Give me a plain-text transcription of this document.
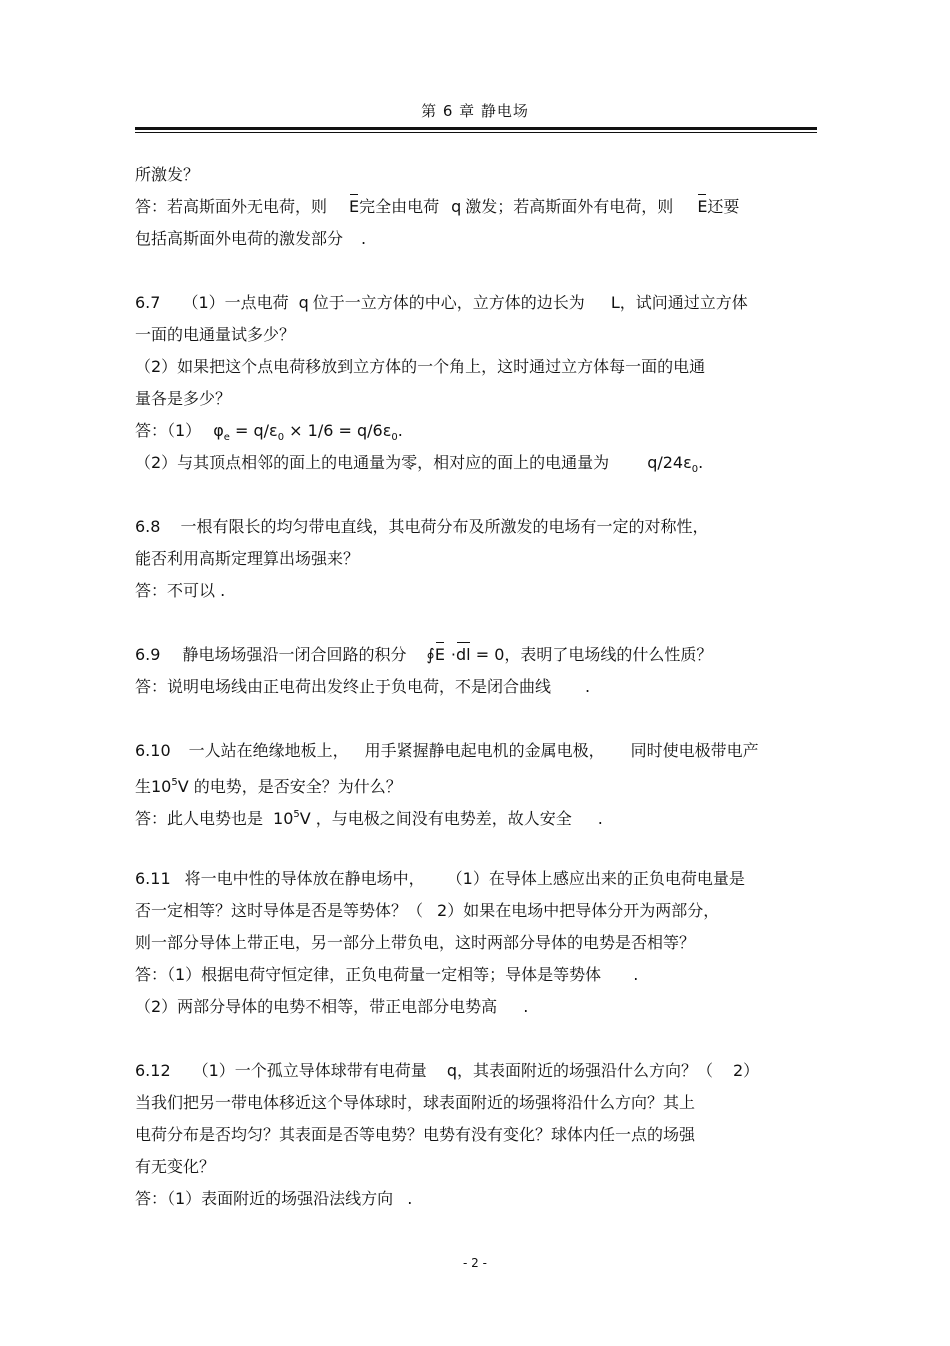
第 6 章 静电场
所激发？
答：若高斯面外无电荷，则 E完全由电荷 q 激发；若高斯面外有电荷，则 E还要
包括高斯面外电荷的激发部分 .
6.7 （1）一点电荷 q 位于一立方体的中心，立方体的边长为 L，试问通过立方体
一面的电通量试多少？
（2）如果把这个点电荷移放到立方体的一个角上，这时通过立方体每一面的电通
量各是多少？
答：（1） $\varphi_e = q/\varepsilon_0 \times 1/6 = q/6\varepsilon_0$.
（2）与其顶点相邻的面上的电通量为零，相对应的面上的电通量为 $q/24\varepsilon_0$.
6.8 一根有限长的均匀带电直线，其电荷分布及所激发的电场有一定的对称性，
能否利用高斯定理算出场强来？
答：不可以 .
6.9 静电场场强沿一闭合回路的积分 ∮E ·dl = 0，表明了电场线的什么性质？
答：说明电场线由正电荷出发终止于负电荷，不是闭合曲线 .
6.10 一人站在绝缘地板上， 用手紧握静电起电机的金属电极， 同时使电极带电产
生$10^5V$ 的电势，是否安全？为什么？
答：此人电势也是 $10^5V$ ，与电极之间没有电势差，故人安全 .
6.11 将一电中性的导体放在静电场中， （1）在导体上感应出来的正负电荷电量是
否一定相等？这时导体是否是等势体？（ 2）如果在电场中把导体分开为两部分，
则一部分导体上带正电，另一部分上带负电，这时两部分导体的电势是否相等？
答：（1）根据电荷守恒定律，正负电荷量一定相等；导体是等势体 .
（2）两部分导体的电势不相等，带正电部分电势高 .
6.12 （1）一个孤立导体球带有电荷量 q，其表面附近的场强沿什么方向？（ 2）
当我们把另一带电体移近这个导体球时，球表面附近的场强将沿什么方向？其上
电荷分布是否均匀？其表面是否等电势？电势有没有变化？球体内任一点的场强
有无变化？
答：（1）表面附近的场强沿法线方向 .
- 2 -
